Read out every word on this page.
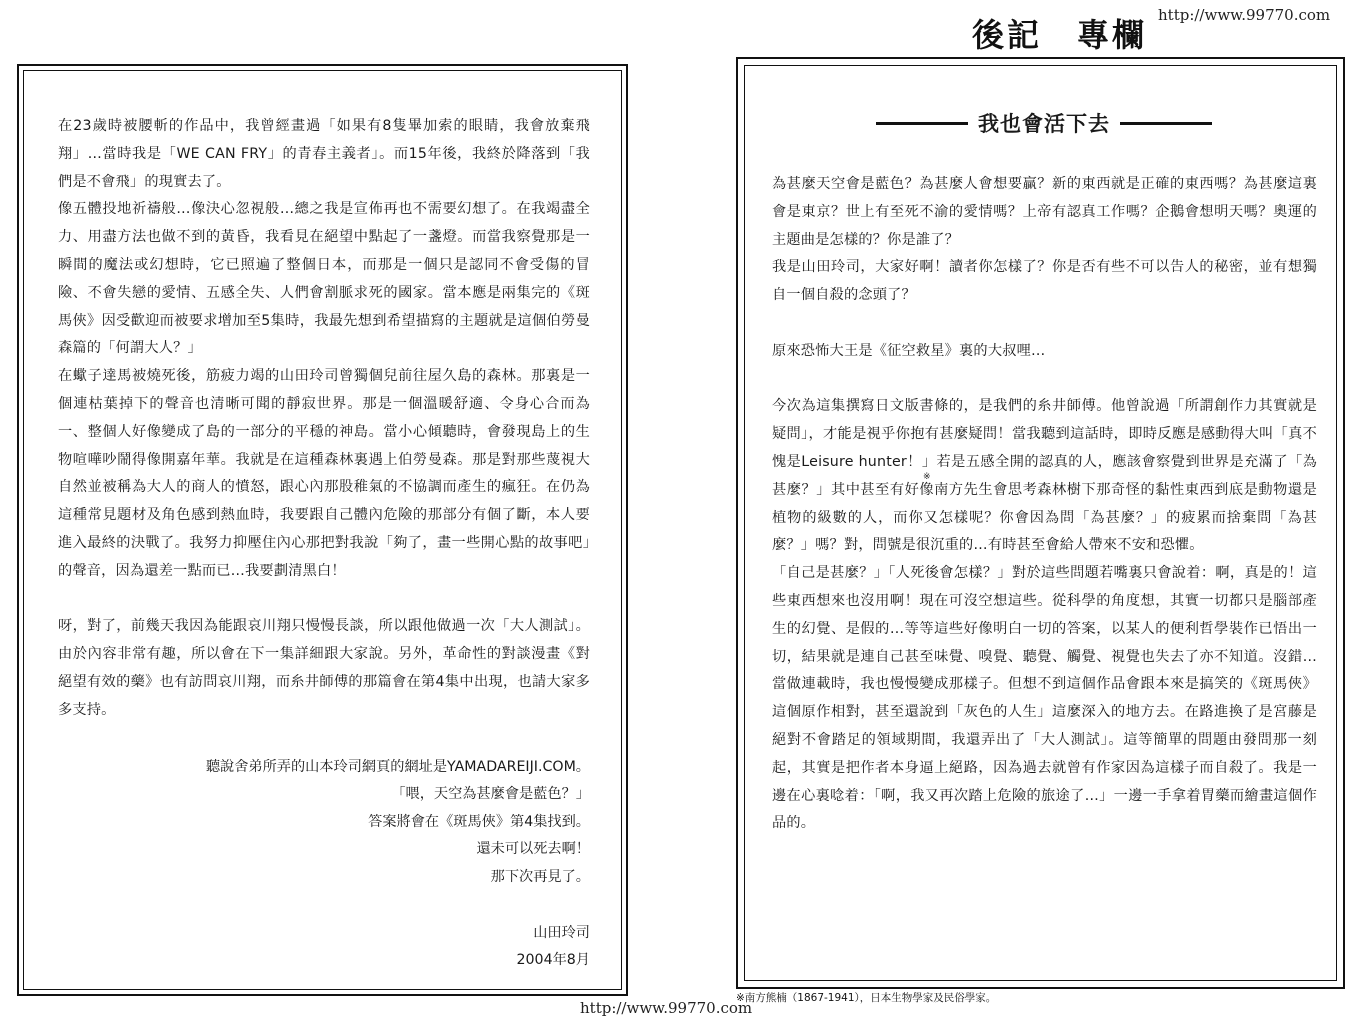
http://www.99770.com
http://www.99770.com

在23歲時被腰斬的作品中，我曾經畫過「如果有8隻畢加索的眼睛，我會放棄飛翔」…當時我是「WE CAN FRY」的青春主義者」。而15年後，我終於降落到「我們是不會飛」的現實去了。

像五體投地祈禱般…像決心忽視般…總之我是宣佈再也不需要幻想了。在我竭盡全力、用盡方法也做不到的黃昏，我看見在絕望中點起了一盞燈。而當我察覺那是一瞬間的魔法或幻想時，它已照遍了整個日本，而那是一個只是認同不會受傷的冒險、不會失戀的愛情、五感全失、人們會割脈求死的國家。當本應是兩集完的《斑馬俠》因受歡迎而被要求增加至5集時，我最先想到希望描寫的主題就是這個伯勞曼森篇的「何謂大人？」

在蠍子達馬被燒死後，筋疲力竭的山田玲司曾獨個兒前往屋久島的森林。那裏是一個連枯葉掉下的聲音也清晰可聞的靜寂世界。那是一個溫暖舒適、令身心合而為一、整個人好像變成了島的一部分的平穩的神島。當小心傾聽時，會發現島上的生物喧嘩吵鬧得像開嘉年華。我就是在這種森林裏遇上伯勞曼森。那是對那些蔑視大自然並被稱為大人的商人的憤怒，跟心內那股稚氣的不協調而產生的瘋狂。在仍為這種常見題材及角色感到熱血時，我要跟自己體內危險的那部分有個了斷，本人要進入最終的決戰了。我努力抑壓住內心那把對我說「夠了，畫一些開心點的故事吧」的聲音，因為還差一點而已…我要劃清黑白！

呀，對了，前幾天我因為能跟哀川翔只慢慢長談，所以跟他做過一次「大人測試」。由於內容非常有趣，所以會在下一集詳細跟大家說。另外，革命性的對談漫畫《對絕望有效的藥》也有訪問哀川翔，而糸井師傅的那篇會在第4集中出現，也請大家多多支持。

聽說舍弟所弄的山本玲司網頁的網址是YAMADAREIJI.COM。

「喂，天空為甚麼會是藍色？」

答案將會在《斑馬俠》第4集找到。

還未可以死去啊！

那下次再見了。

山田玲司

2004年8月

後記　專欄
我也會活下去

為甚麼天空會是藍色？為甚麼人會想要贏？新的東西就是正確的東西嗎？為甚麼這裏會是東京？世上有至死不渝的愛情嗎？上帝有認真工作嗎？企鵝會想明天嗎？奧運的主題曲是怎樣的？你是誰了？

我是山田玲司，大家好啊！讀者你怎樣了？你是否有些不可以告人的秘密，並有想獨自一個自殺的念頭了？

原來恐怖大王是《征空救星》裏的大叔哩…

今次為這集撰寫日文版書條的，是我們的糸井師傅。他曾說過「所謂創作力其實就是疑問」，才能是視乎你抱有甚麼疑問！當我聽到這話時，即時反應是感動得大叫「真不愧是Leisure hunter！」若是五感全開的認真的人，應該會察覺到世界是充滿了「為甚麼？」其中甚至有好像南方先生會思考森林樹下那奇怪的黏性東西到底是動物還是植物的級數的人，而你又怎樣呢？你會因為問「為甚麼？」的疲累而捨棄問「為甚麼？」嗎？對，問號是很沉重的…有時甚至會給人帶來不安和恐懼。

「自己是甚麼？」「人死後會怎樣？」對於這些問題若嘴裏只會說着：啊，真是的！這些東西想來也沒用啊！現在可沒空想這些。從科學的角度想，其實一切都只是腦部產生的幻覺、是假的…等等這些好像明白一切的答案，以某人的便利哲學裝作已悟出一切，結果就是連自己甚至味覺、嗅覺、聽覺、觸覺、視覺也失去了亦不知道。沒錯…當做連載時，我也慢慢變成那樣子。但想不到這個作品會跟本來是搞笑的《斑馬俠》這個原作相對，甚至還說到「灰色的人生」這麼深入的地方去。在路進換了是宮藤是絕對不會踏足的領域期間，我還弄出了「大人測試」。這等簡單的問題由發問那一刻起，其實是把作者本身逼上絕路，因為過去就曾有作家因為這樣子而自殺了。我是一邊在心裏唸着：「啊，我又再次踏上危險的旅途了…」一邊一手拿着胃藥而繪畫這個作品的。

※
※南方熊楠（1867-1941），日本生物學家及民俗學家。
